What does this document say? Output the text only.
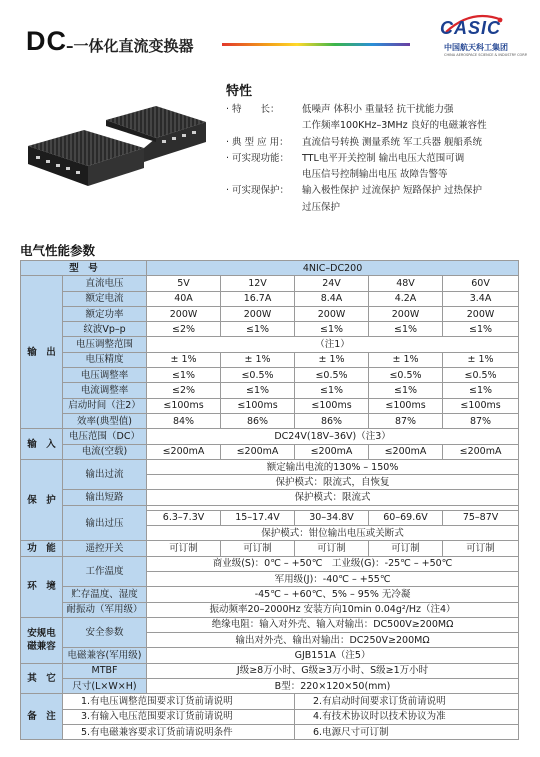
DC –一体化直流变换器
CASIC
中国航天科工集团
CHINA AEROSPACE SCIENCE & INDUSTRY CORP.
特性
· 特　　长：	低噪声 体积小 重量轻 抗干扰能力强
工作频率100KHz–3MHz 良好的电磁兼容性
· 典 型 应 用：	直流信号转换 测量系统 军工兵器 舰船系统
· 可实现功能：	TTL电平开关控制 输出电压大范围可调
电压信号控制输出电压 故障告警等
· 可实现保护：	输入极性保护 过流保护 短路保护 过热保护
过压保护
电气性能参数
型　号		4NIC–DC200				
输　出	直流电压	5V	12V	24V	48V	60V
	额定电流	40A	16.7A	8.4A	4.2A	3.4A
	额定功率	200W	200W	200W	200W	200W
	纹波Vp–p	≤2%	≤1%	≤1%	≤1%	≤1%
	电压调整范围	（注1）				
	电压精度	± 1%	± 1%	± 1%	± 1%	± 1%
	电压调整率	≤1%	≤0.5%	≤0.5%	≤0.5%	≤0.5%
	电流调整率	≤2%	≤1%	≤1%	≤1%	≤1%
	启动时间（注2）	≤100ms	≤100ms	≤100ms	≤100ms	≤100ms
	效率(典型值)	84%	86%	86%	87%	87%
输　入	电压范围（DC）	DC24V(18V–36V)（注3）				
	电流(空载)	≤200mA	≤200mA	≤200mA	≤200mA	≤200mA
保　护	输出过流	额定输出电流的130% – 150%				
		保护模式：限流式，自恢复				
	输出短路	保护模式：限流式				
	输出过压					
		6.3–7.3V	15–17.4V	30–34.8V	60–69.6V	75–87V
		保护模式：钳位输出电压或关断式				
功　能	遥控开关	可订制	可订制	可订制	可订制	可订制
环　境	工作温度	商业级(S)：0℃ – +50℃　工业级(G)：-25℃ – +50℃				
		军用级(J)：-40℃ – +55℃				
	贮存温度、湿度	-45℃ – +60℃、5% – 95% 无冷凝				
	耐振动（军用级）	振动频率20–2000Hz 安装方向10min 0.04g²/Hz（注4）				
安规电磁兼容	安全参数	绝缘电阻：输入对外壳、输入对输出：DC500V≥200MΩ				
		输出对外壳、输出对输出：DC250V≥200MΩ				
	电磁兼容(军用级)	GJB151A（注5）				
其　它	MTBF	J级≥8万小时、G级≥3万小时、S级≥1万小时				
	尺寸(L×W×H)	B型：220×120×50(mm)				
备　注	1.有电压调整范围要求订货前请说明			2.有启动时间要求订货前请说明		
	3.有输入电压范围要求订货前请说明			4.有技术协议时以技术协议为准		
	5.有电磁兼容要求订货前请说明条件			6.电源尺寸可订制		
